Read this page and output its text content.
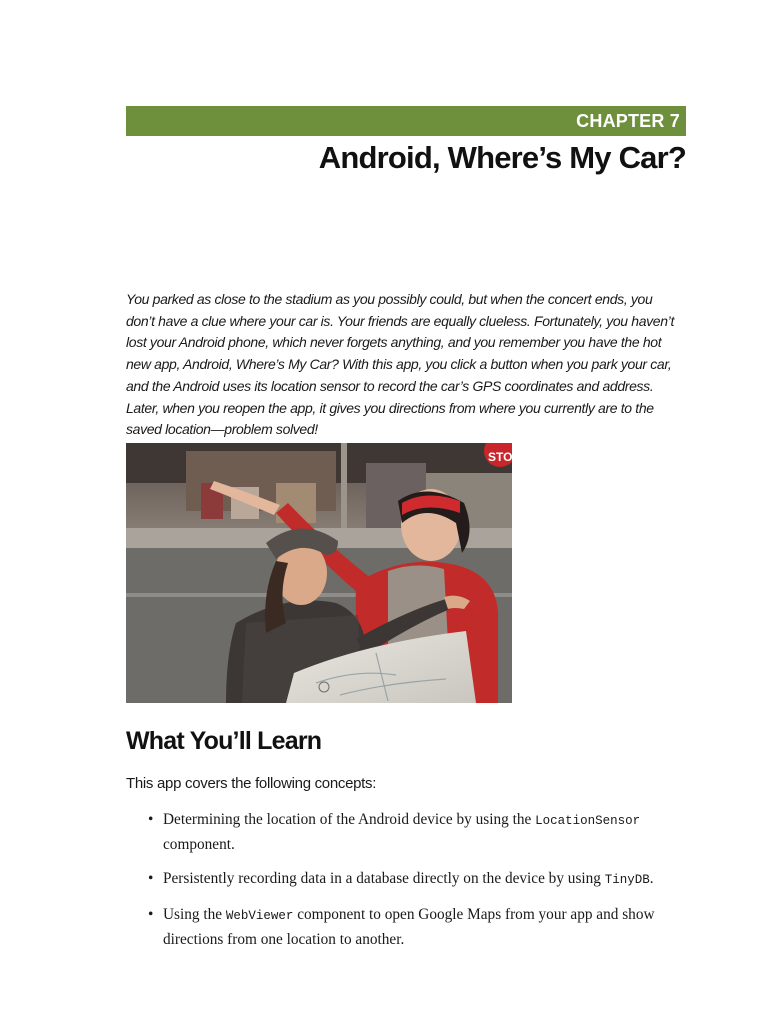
CHAPTER 7
Android, Where’s My Car?

You parked as close to the stadium as you possibly could, but when the concert ends, you don’t have a clue where your car is. Your friends are equally clueless. Fortunately, you haven’t lost your Android phone, which never forgets anything, and you remember you have the hot new app, Android, Where’s My Car? With this app, you click a button when you park your car, and the Android uses its location sensor to record the car’s GPS coordinates and address. Later, when you reopen the app, it gives you directions from where you currently are to the saved location—problem solved!

STO
What You’ll Learn

This app covers the following concepts:

• Determining the location of the Android device by using the LocationSensor component.
• Persistently recording data in a database directly on the device by using TinyDB.
• Using the WebViewer component to open Google Maps from your app and show directions from one location to another.
